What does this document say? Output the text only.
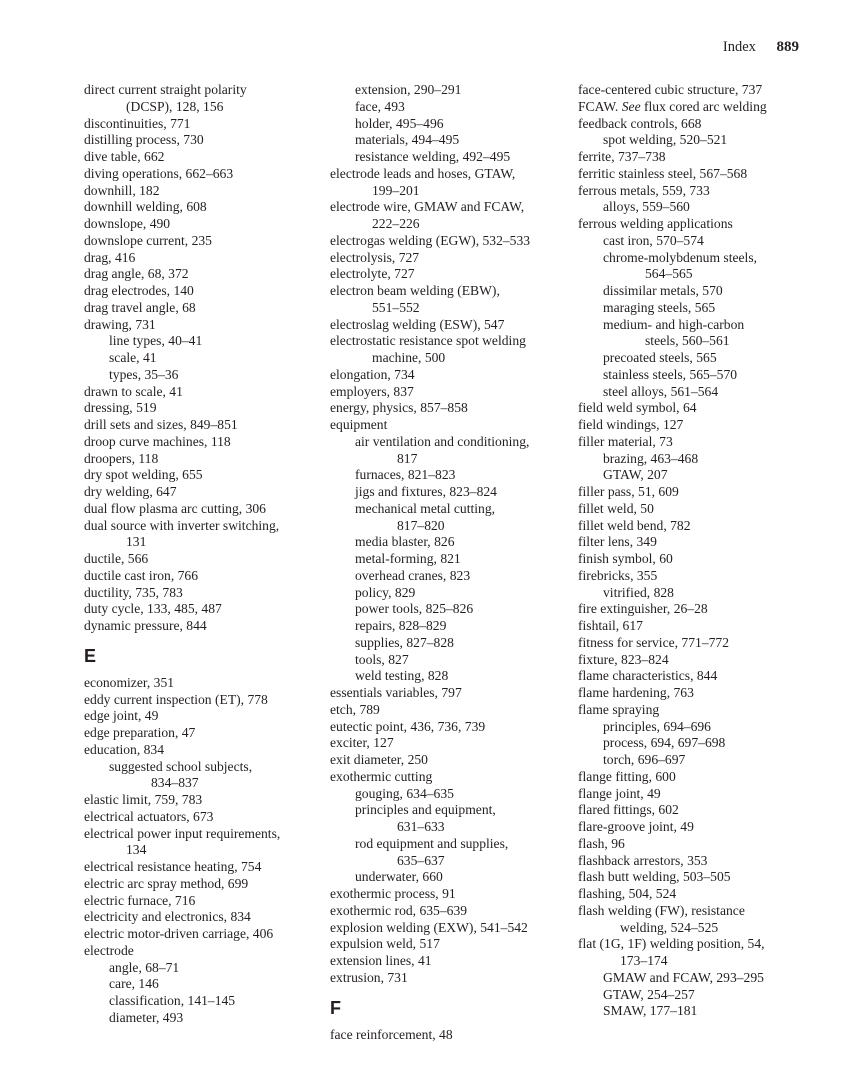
Index 889
direct current straight polarity
(DCSP), 128, 156
discontinuities, 771
distilling process, 730
dive table, 662
diving operations, 662–663
downhill, 182
downhill welding, 608
downslope, 490
downslope current, 235
drag, 416
drag angle, 68, 372
drag electrodes, 140
drag travel angle, 68
drawing, 731
line types, 40–41
scale, 41
types, 35–36
drawn to scale, 41
dressing, 519
drill sets and sizes, 849–851
droop curve machines, 118
droopers, 118
dry spot welding, 655
dry welding, 647
dual flow plasma arc cutting, 306
dual source with inverter switching,
131
ductile, 566
ductile cast iron, 766
ductility, 735, 783
duty cycle, 133, 485, 487
dynamic pressure, 844
E
economizer, 351
eddy current inspection (ET), 778
edge joint, 49
edge preparation, 47
education, 834
suggested school subjects,
834–837
elastic limit, 759, 783
electrical actuators, 673
electrical power input requirements,
134
electrical resistance heating, 754
electric arc spray method, 699
electric furnace, 716
electricity and electronics, 834
electric motor-driven carriage, 406
electrode
angle, 68–71
care, 146
classification, 141–145
diameter, 493
extension, 290–291
face, 493
holder, 495–496
materials, 494–495
resistance welding, 492–495
electrode leads and hoses, GTAW,
199–201
electrode wire, GMAW and FCAW,
222–226
electrogas welding (EGW), 532–533
electrolysis, 727
electrolyte, 727
electron beam welding (EBW),
551–552
electroslag welding (ESW), 547
electrostatic resistance spot welding
machine, 500
elongation, 734
employers, 837
energy, physics, 857–858
equipment
air ventilation and conditioning,
817
furnaces, 821–823
jigs and fixtures, 823–824
mechanical metal cutting,
817–820
media blaster, 826
metal-forming, 821
overhead cranes, 823
policy, 829
power tools, 825–826
repairs, 828–829
supplies, 827–828
tools, 827
weld testing, 828
essentials variables, 797
etch, 789
eutectic point, 436, 736, 739
exciter, 127
exit diameter, 250
exothermic cutting
gouging, 634–635
principles and equipment,
631–633
rod equipment and supplies,
635–637
underwater, 660
exothermic process, 91
exothermic rod, 635–639
explosion welding (EXW), 541–542
expulsion weld, 517
extension lines, 41
extrusion, 731
F
face reinforcement, 48
face-centered cubic structure, 737
FCAW. See flux cored arc welding
feedback controls, 668
spot welding, 520–521
ferrite, 737–738
ferritic stainless steel, 567–568
ferrous metals, 559, 733
alloys, 559–560
ferrous welding applications
cast iron, 570–574
chrome-molybdenum steels,
564–565
dissimilar metals, 570
maraging steels, 565
medium- and high-carbon
steels, 560–561
precoated steels, 565
stainless steels, 565–570
steel alloys, 561–564
field weld symbol, 64
field windings, 127
filler material, 73
brazing, 463–468
GTAW, 207
filler pass, 51, 609
fillet weld, 50
fillet weld bend, 782
filter lens, 349
finish symbol, 60
firebricks, 355
vitrified, 828
fire extinguisher, 26–28
fishtail, 617
fitness for service, 771–772
fixture, 823–824
flame characteristics, 844
flame hardening, 763
flame spraying
principles, 694–696
process, 694, 697–698
torch, 696–697
flange fitting, 600
flange joint, 49
flared fittings, 602
flare-groove joint, 49
flash, 96
flashback arrestors, 353
flash butt welding, 503–505
flashing, 504, 524
flash welding (FW), resistance
welding, 524–525
flat (1G, 1F) welding position, 54,
173–174
GMAW and FCAW, 293–295
GTAW, 254–257
SMAW, 177–181
